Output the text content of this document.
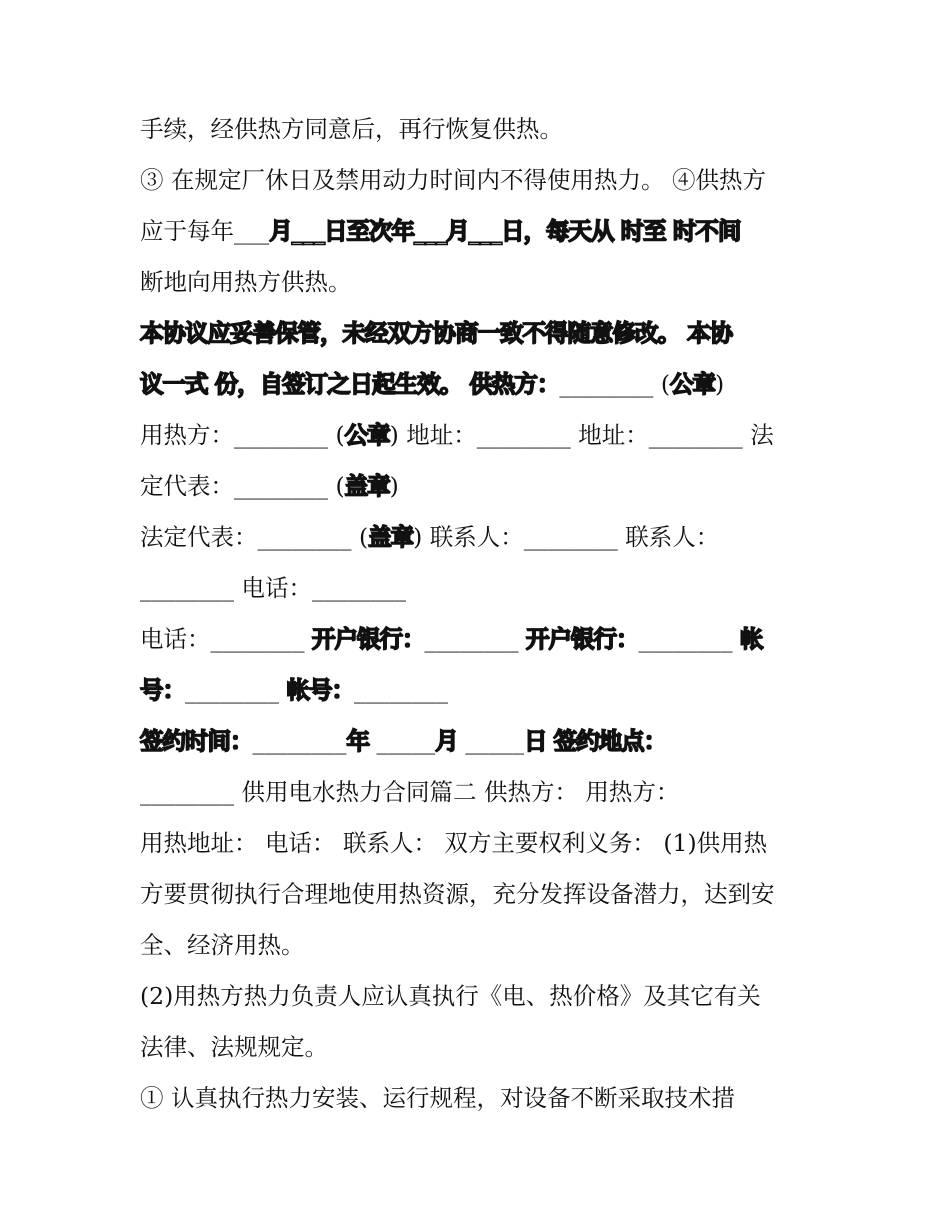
手续，经供热方同意后，再行恢复供热。
③ 在规定厂休日及禁用动力时间内不得使用热力。 ④供热方
应于每年___月___日至次年___月___日，每天从 时至 时不间
断地向用热方供热。
本协议应妥善保管，未经双方协商一致不得随意修改。 本协
议一式 份，自签订之日起生效。 供热方：________ (公章)
用热方：________ (公章) 地址：________ 地址：________ 法
定代表：________ (盖章)
法定代表：________ (盖章) 联系人：________ 联系人：
________ 电话：________
电话：________ 开户银行：________ 开户银行：________ 帐
号：________ 帐号：________
签约时间：________年 _____月 _____日 签约地点：
________ 供用电水热力合同篇二 供热方： 用热方：
用热地址： 电话： 联系人： 双方主要权利义务： (1)供用热
方要贯彻执行合理地使用热资源，充分发挥设备潜力，达到安
全、经济用热。
(2)用热方热力负责人应认真执行《电、热价格》及其它有关
法律、法规规定。
① 认真执行热力安装、运行规程，对设备不断采取技术措
